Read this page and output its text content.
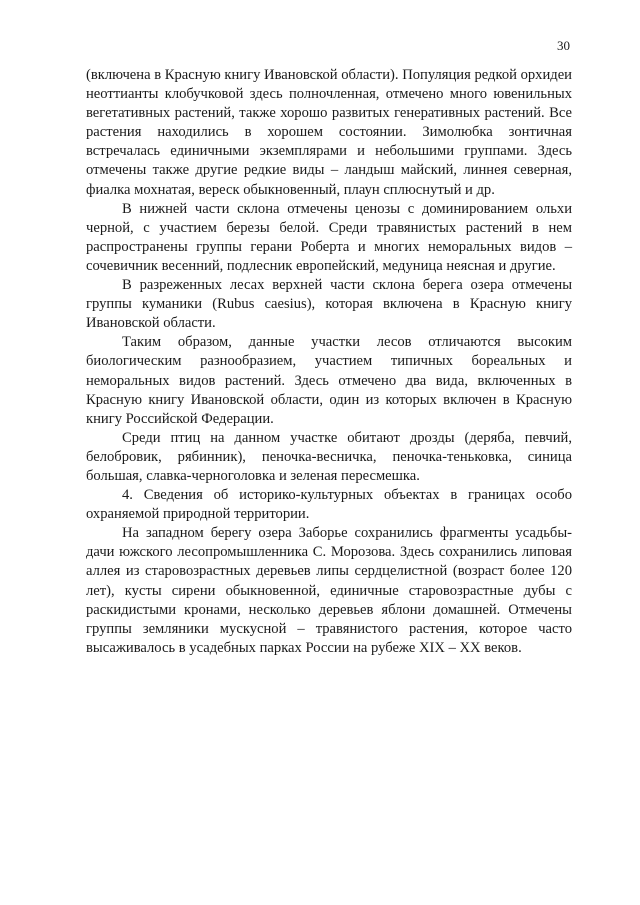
30

(включена в Красную книгу Ивановской области). Популяция редкой орхидеи неоттианты клобучковой здесь полночленная, отмечено много ювенильных вегетативных растений, также хорошо развитых генеративных растений. Все растения находились в хорошем состоянии. Зимолюбка зонтичная встречалась единичными экземплярами и небольшими группами. Здесь отмечены также другие редкие виды – ландыш майский, линнея северная, фиалка мохнатая, вереск обыкновенный, плаун сплюснутый и др.

В нижней части склона отмечены ценозы с доминированием ольхи черной, с участием березы белой. Среди травянистых растений в нем распространены группы герани Роберта и многих неморальных видов – сочевичник весенний, подлесник европейский, медуница неясная и другие.

В разреженных лесах верхней части склона берега озера отмечены группы куманики (Rubus caesius), которая включена в Красную книгу Ивановской области.

Таким образом, данные участки лесов отличаются высоким биологическим разнообразием, участием типичных бореальных и неморальных видов растений. Здесь отмечено два вида, включенных в Красную книгу Ивановской области, один из которых включен в Красную книгу Российской Федерации.

Среди птиц на данном участке обитают дрозды (деряба, певчий, белобровик, рябинник), пеночка-весничка, пеночка-теньковка, синица большая, славка-черноголовка и зеленая пересмешка.

4. Сведения об историко-культурных объектах в границах особо охраняемой природной территории.

На западном берегу озера Заборье сохранились фрагменты усадьбы-дачи южского лесопромышленника С. Морозова. Здесь сохранились липовая аллея из старовозрастных деревьев липы сердцелистной (возраст более 120 лет), кусты сирени обыкновенной, единичные старовозрастные дубы с раскидистыми кронами, несколько деревьев яблони домашней. Отмечены группы земляники мускусной – травянистого растения, которое часто высаживалось в усадебных парках России на рубеже XIX – XX веков.
